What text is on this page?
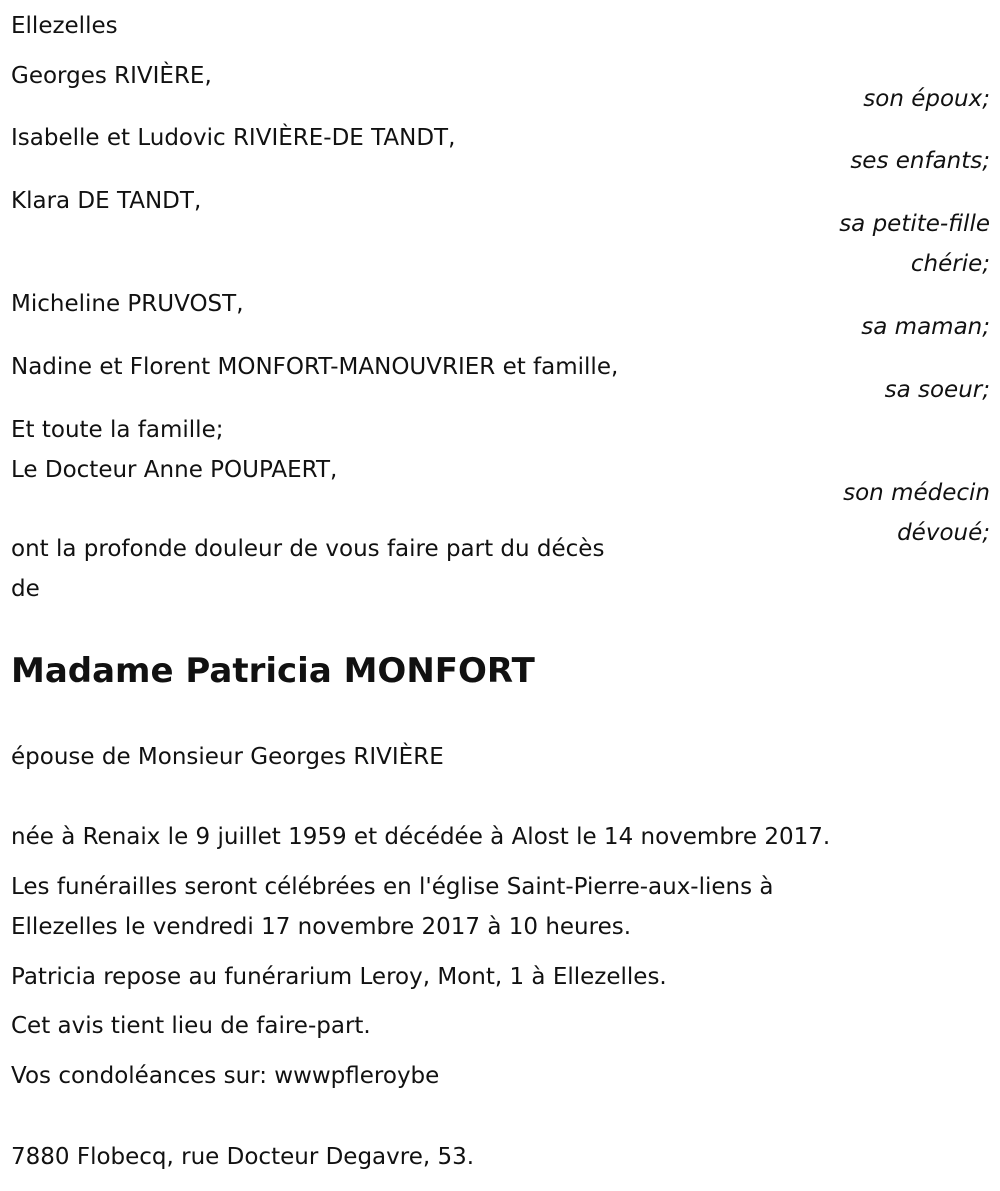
Ellezelles
Georges RIVIÈRE,
son époux;
Isabelle et Ludovic RIVIÈRE-DE TANDT,
ses enfants;
Klara DE TANDT,
sa petite-fille
chérie;
Micheline PRUVOST,
sa maman;
Nadine et Florent MONFORT-MANOUVRIER et famille,
sa soeur;
Et toute la famille;
Le Docteur Anne POUPAERT,
son médecin
dévoué;
ont la profonde douleur de vous faire part du décès
de
Madame Patricia MONFORT
épouse de Monsieur Georges RIVIÈRE
née à Renaix le 9 juillet 1959 et décédée à Alost le 14 novembre 2017.
Les funérailles seront célébrées en l'église Saint-Pierre-aux-liens à
Ellezelles le vendredi 17 novembre 2017 à 10 heures.
Patricia repose au funérarium Leroy, Mont, 1 à Ellezelles.
Cet avis tient lieu de faire-part.
Vos condoléances sur: wwwpfleroybe
7880 Flobecq, rue Docteur Degavre, 53.
